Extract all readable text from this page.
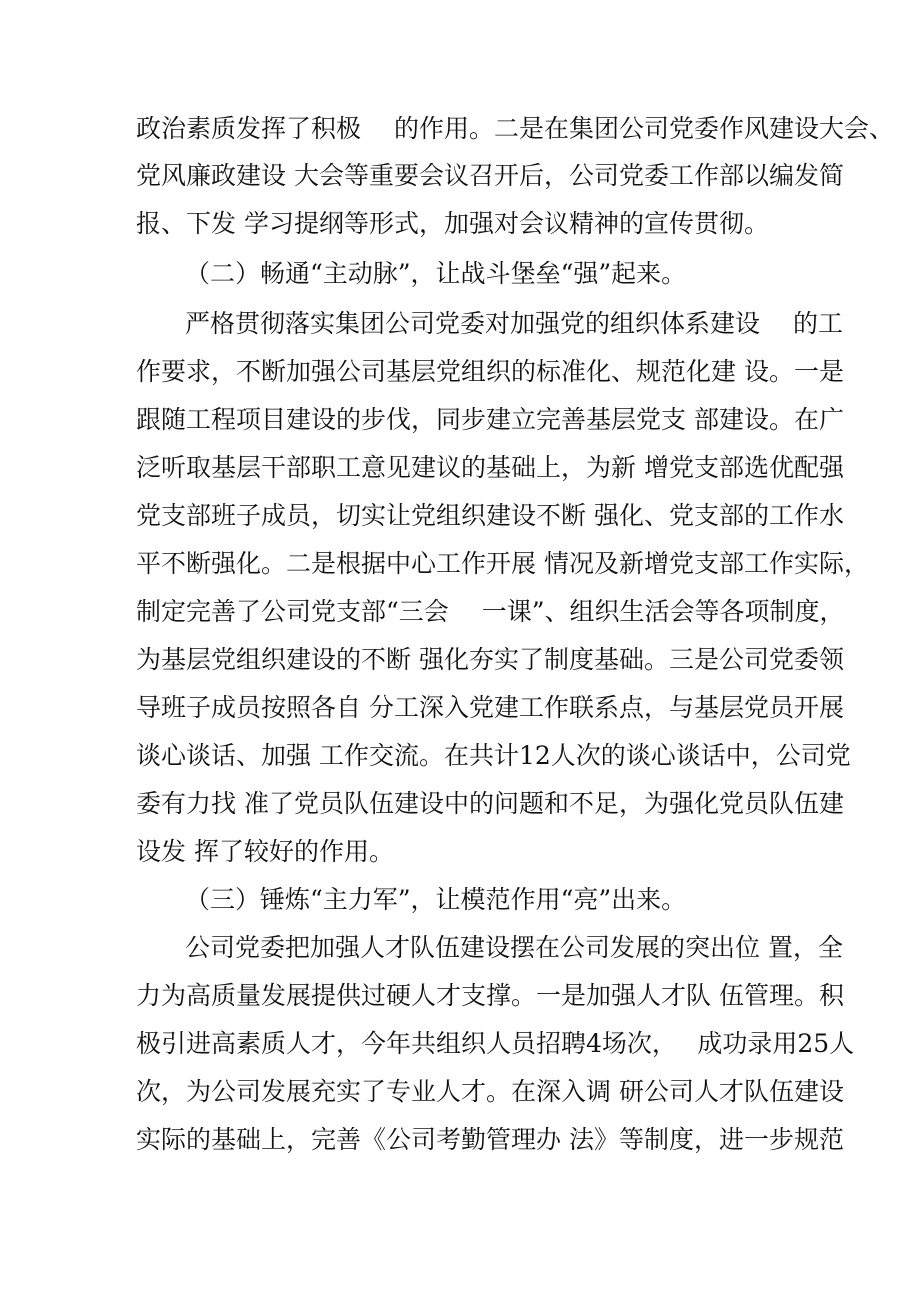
政治素质发挥了积极　 的作用。二是在集团公司党委作风建设大会、
党风廉政建设 大会等重要会议召开后，公司党委工作部以编发简
报、下发 学习提纲等形式，加强对会议精神的宣传贯彻。
（二）畅通“主动脉”，让战斗堡垒“强”起来。
严格贯彻落实集团公司党委对加强党的组织体系建设　 的工
作要求，不断加强公司基层党组织的标准化、规范化建 设。一是
跟随工程项目建设的步伐，同步建立完善基层党支 部建设。在广
泛听取基层干部职工意见建议的基础上，为新 增党支部选优配强
党支部班子成员，切实让党组织建设不断 强化、党支部的工作水
平不断强化。二是根据中心工作开展 情况及新增党支部工作实际，
制定完善了公司党支部“三会　 一课”、组织生活会等各项制度，
为基层党组织建设的不断 强化夯实了制度基础。三是公司党委领
导班子成员按照各自 分工深入党建工作联系点，与基层党员开展
谈心谈话、加强 工作交流。在共计12人次的谈心谈话中，公司党
委有力找 准了党员队伍建设中的问题和不足，为强化党员队伍建
设发 挥了较好的作用。
（三）锤炼“主力军”，让模范作用“亮”出来。
公司党委把加强人才队伍建设摆在公司发展的突出位 置，全
力为高质量发展提供过硬人才支撑。一是加强人才队 伍管理。积
极引进高素质人才，今年共组织人员招聘4场次，　 成功录用25人
次，为公司发展充实了专业人才。在深入调 研公司人才队伍建设
实际的基础上，完善《公司考勤管理办 法》等制度，进一步规范
